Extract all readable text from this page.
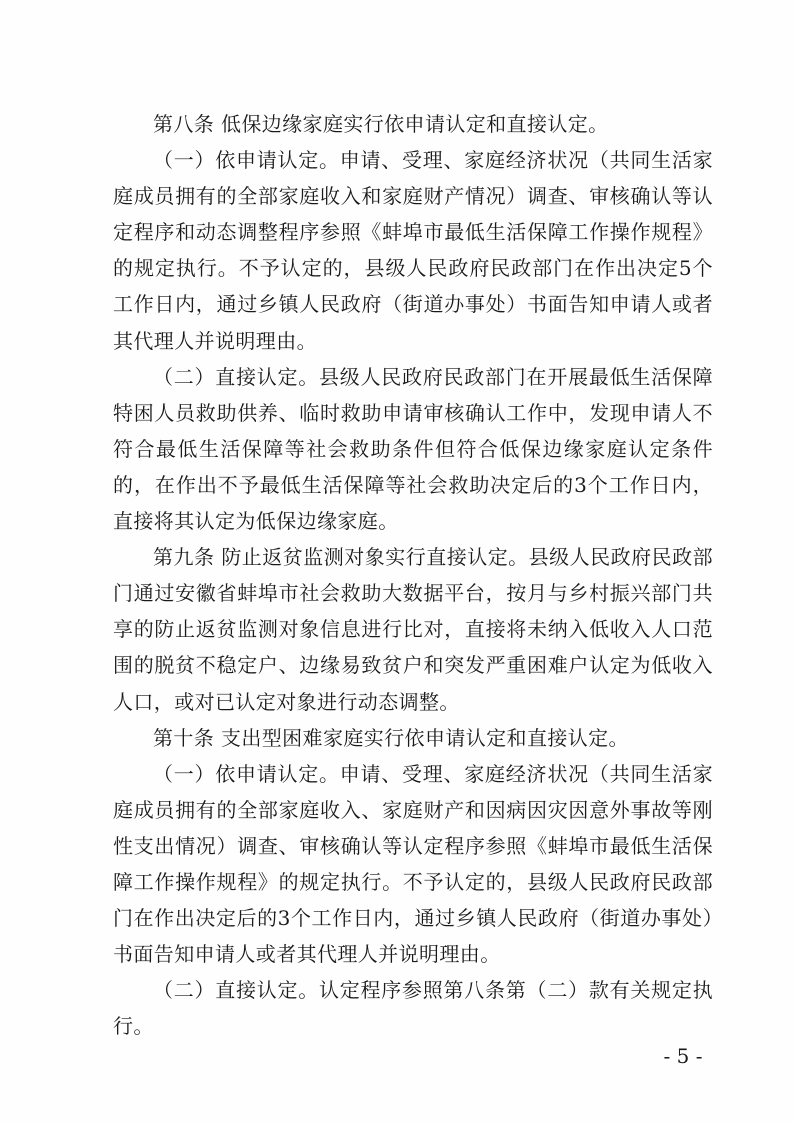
第八条 低保边缘家庭实行依申请认定和直接认定。

（一）依申请认定。申请、受理、家庭经济状况（共同生活家庭成员拥有的全部家庭收入和家庭财产情况）调查、审核确认等认定程序和动态调整程序参照《蚌埠市最低生活保障工作操作规程》的规定执行。不予认定的，县级人民政府民政部门在作出决定5个工作日内，通过乡镇人民政府（街道办事处）书面告知申请人或者其代理人并说明理由。

（二）直接认定。县级人民政府民政部门在开展最低生活保障特困人员救助供养、临时救助申请审核确认工作中，发现申请人不符合最低生活保障等社会救助条件但符合低保边缘家庭认定条件的，在作出不予最低生活保障等社会救助决定后的3个工作日内，直接将其认定为低保边缘家庭。

第九条 防止返贫监测对象实行直接认定。县级人民政府民政部门通过安徽省蚌埠市社会救助大数据平台，按月与乡村振兴部门共享的防止返贫监测对象信息进行比对，直接将未纳入低收入人口范围的脱贫不稳定户、边缘易致贫户和突发严重困难户认定为低收入人口，或对已认定对象进行动态调整。

第十条 支出型困难家庭实行依申请认定和直接认定。

（一）依申请认定。申请、受理、家庭经济状况（共同生活家庭成员拥有的全部家庭收入、家庭财产和因病因灾因意外事故等刚性支出情况）调查、审核确认等认定程序参照《蚌埠市最低生活保障工作操作规程》的规定执行。不予认定的，县级人民政府民政部门在作出决定后的3个工作日内，通过乡镇人民政府（街道办事处）书面告知申请人或者其代理人并说明理由。

（二）直接认定。认定程序参照第八条第（二）款有关规定执行。

- 5 -
